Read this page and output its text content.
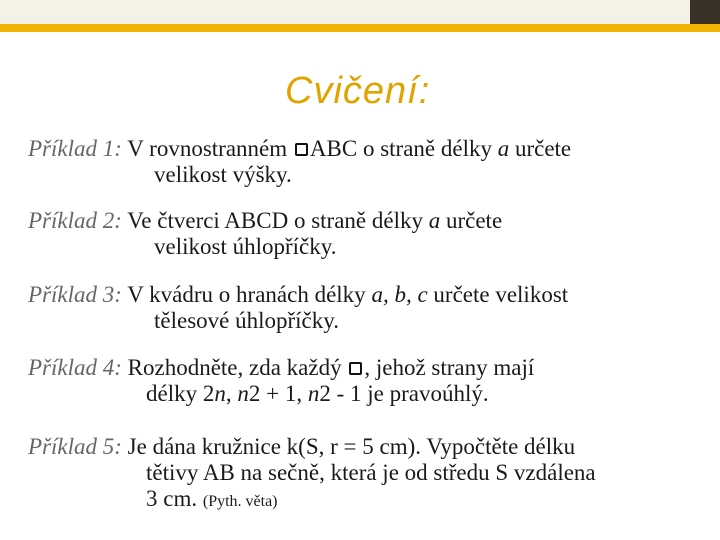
Cvičení:
Příklad 1: V rovnostranném ABC o straně délky a určete
velikost výšky.
Příklad 2: Ve čtverci ABCD o straně délky a určete
velikost úhlopříčky.
Příklad 3: V kvádru o hranách délky a, b, c určete velikost
tělesové úhlopříčky.
Příklad 4: Rozhodněte, zda každý , jehož strany mají
délky 2n, n2 + 1, n2 - 1 je pravoúhlý.
Příklad 5: Je dána kružnice k(S, r = 5 cm). Vypočtěte délku
tětivy AB na sečně, která je od středu S vzdálena
3 cm. (Pyth. věta)
